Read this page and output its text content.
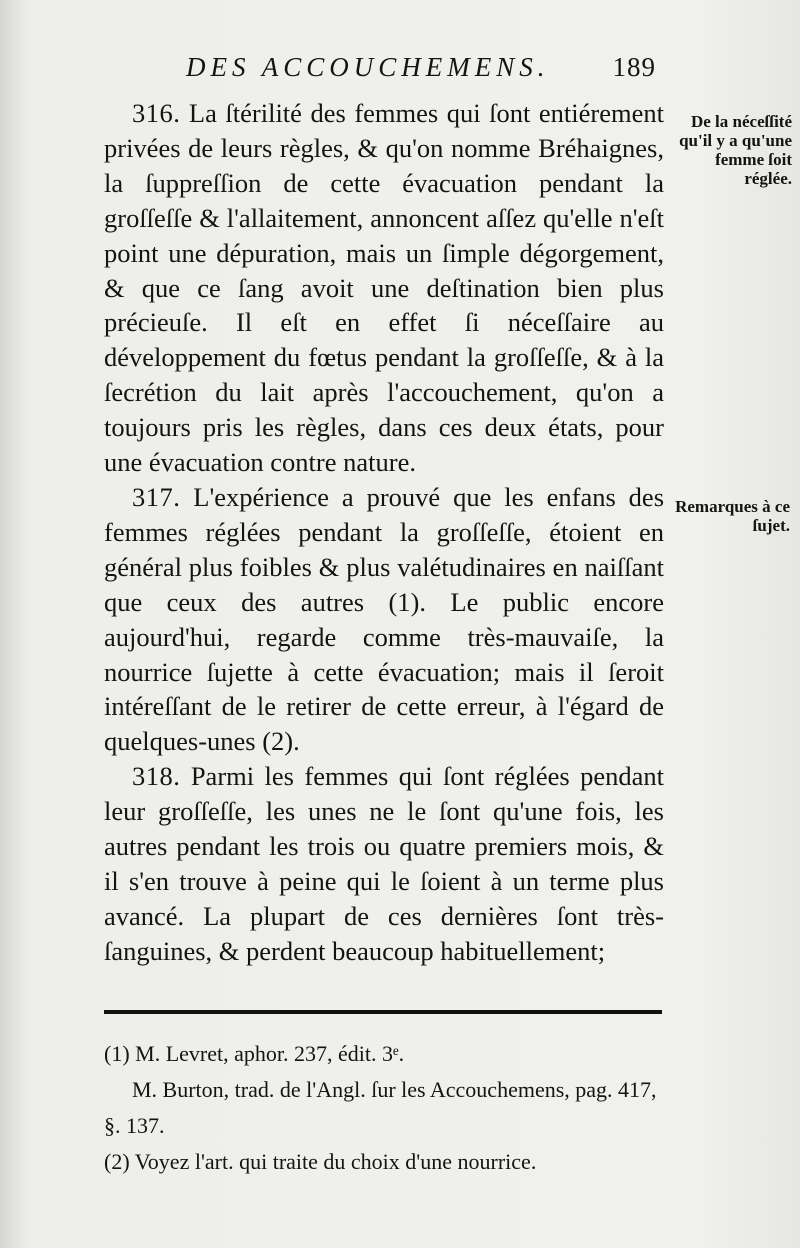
DES ACCOUCHEMENS. 189

316. La ſtérilité des femmes qui ſont entiérement privées de leurs règles, & qu'on nomme Bréhaignes, la ſuppreſſion de cette évacuation pendant la groſſeſſe & l'allaitement, annoncent aſſez qu'elle n'eſt point une dépuration, mais un ſimple dégorgement, & que ce ſang avoit une deſtination bien plus précieuſe. Il eſt en effet ſi néceſſaire au développement du fœtus pendant la groſſeſſe, & à la ſecrétion du lait après l'accouchement, qu'on a toujours pris les règles, dans ces deux états, pour une évacuation contre nature.

317. L'expérience a prouvé que les enfans des femmes réglées pendant la groſſeſſe, étoient en général plus foibles & plus valétudinaires en naiſſant que ceux des autres (1). Le public encore aujourd'hui, regarde comme très-mauvaiſe, la nourrice ſujette à cette évacuation; mais il ſeroit intéreſſant de le retirer de cette erreur, à l'égard de quelques-unes (2).

318. Parmi les femmes qui ſont réglées pendant leur groſſeſſe, les unes ne le ſont qu'une fois, les autres pendant les trois ou quatre premiers mois, & il s'en trouve à peine qui le ſoient à un terme plus avancé. La plupart de ces dernières ſont très-ſanguines, & perdent beaucoup habituellement;

De la néceſſité qu'il y a qu'une femme ſoit réglée.
Remarques à ce ſujet.

(1) M. Levret, aphor. 237, édit. 3ᵉ.

M. Burton, trad. de l'Angl. ſur les Accouchemens, pag. 417, §. 137.

(2) Voyez l'art. qui traite du choix d'une nourrice.
